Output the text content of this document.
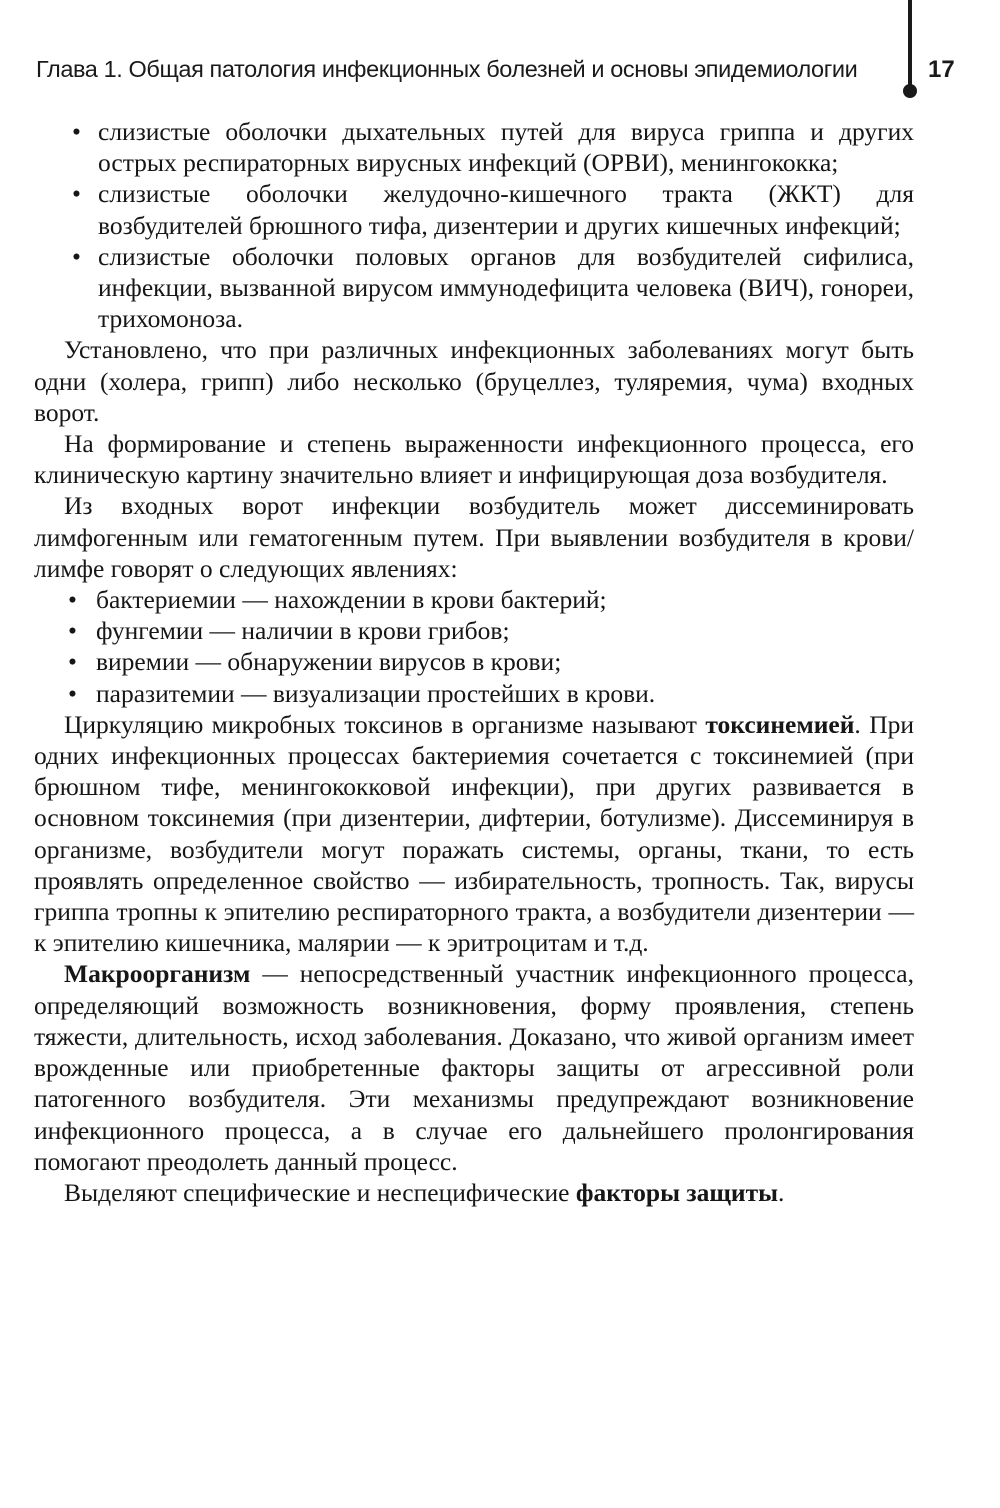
Глава 1. Общая патология инфекционных болезней и основы эпидемиологии	17
• слизистые оболочки дыхательных путей для вируса гриппа и других острых респираторных вирусных инфекций (ОРВИ), менингококка;
• слизистые оболочки желудочно-кишечного тракта (ЖКТ) для возбудителей брюшного тифа, дизентерии и других кишечных инфекций;
• слизистые оболочки половых органов для возбудителей сифилиса, инфекции, вызванной вирусом иммунодефицита человека (ВИЧ), гонореи, трихомоноза.

Установлено, что при различных инфекционных заболеваниях могут быть одни (холера, грипп) либо несколько (бруцеллез, туляремия, чума) входных ворот.

На формирование и степень выраженности инфекционного процесса, его клиническую картину значительно влияет и инфицирующая доза возбудителя.

Из входных ворот инфекции возбудитель может диссеминировать лимфогенным или гематогенным путем. При выявлении возбудителя в крови/лимфе говорят о следующих явлениях:

• бактериемии — нахождении в крови бактерий;
• фунгемии — наличии в крови грибов;
• виремии — обнаружении вирусов в крови;
• паразитемии — визуализации простейших в крови.

Циркуляцию микробных токсинов в организме называют токсинемией. При одних инфекционных процессах бактериемия сочетается с токсинемией (при брюшном тифе, менингококковой инфекции), при других развивается в основном токсинемия (при дизентерии, дифтерии, ботулизме). Диссеминируя в организме, возбудители могут поражать системы, органы, ткани, то есть проявлять определенное свойство — избирательность, тропность. Так, вирусы гриппа тропны к эпителию респираторного тракта, а возбудители дизентерии — к эпителию кишечника, малярии — к эритроцитам и т.д.

Макроорганизм — непосредственный участник инфекционного процесса, определяющий возможность возникновения, форму проявления, степень тяжести, длительность, исход заболевания. Доказано, что живой организм имеет врожденные или приобретенные факторы защиты от агрессивной роли патогенного возбудителя. Эти механизмы предупреждают возникновение инфекционного процесса, а в случае его дальнейшего пролонгирования помогают преодолеть данный процесс.

Выделяют специфические и неспецифические факторы защиты.
